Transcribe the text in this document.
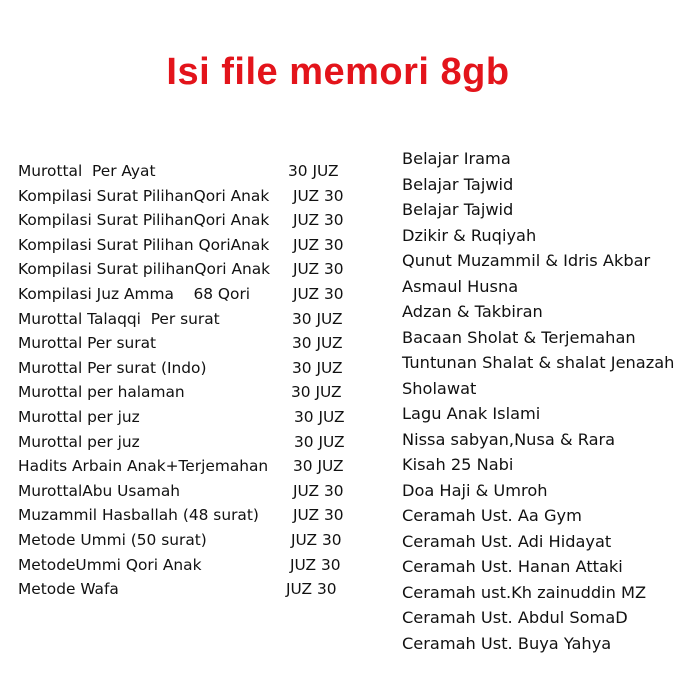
Isi file memori 8gb
Murottal  Per Ayat	30 JUZ
Kompilasi Surat PilihanQori Anak JUZ 30
Kompilasi Surat PilihanQori Anak JUZ 30
Kompilasi Surat Pilihan QoriAnak JUZ 30
Kompilasi Surat pilihanQori Anak JUZ 30
Kompilasi Juz Amma    68 Qori	JUZ 30
Murottal Talaqqi  Per surat	30 JUZ
Murottal Per surat	30 JUZ
Murottal Per surat (Indo)	30 JUZ
Murottal per halaman	30 JUZ
Murottal per juz	30 JUZ
Murottal per juz	30 JUZ
Hadits Arbain Anak+Terjemahan 30 JUZ
MurottalAbu Usamah	JUZ 30
Muzammil Hasballah (48 surat) JUZ 30
Metode Ummi (50 surat)	JUZ 30
MetodeUmmi Qori Anak	JUZ 30
Metode Wafa	JUZ 30
Belajar Irama
Belajar Tajwid
Belajar Tajwid
Dzikir & Ruqiyah
Qunut Muzammil & Idris Akbar
Asmaul Husna
Adzan & Takbiran
Bacaan Sholat & Terjemahan
Tuntunan Shalat & shalat Jenazah
Sholawat
Lagu Anak Islami
Nissa sabyan,Nusa & Rara
Kisah 25 Nabi
Doa Haji & Umroh
Ceramah Ust. Aa Gym
Ceramah Ust. Adi Hidayat
Ceramah Ust. Hanan Attaki
Ceramah ust.Kh zainuddin MZ
Ceramah Ust. Abdul SomaD
Ceramah Ust. Buya Yahya
